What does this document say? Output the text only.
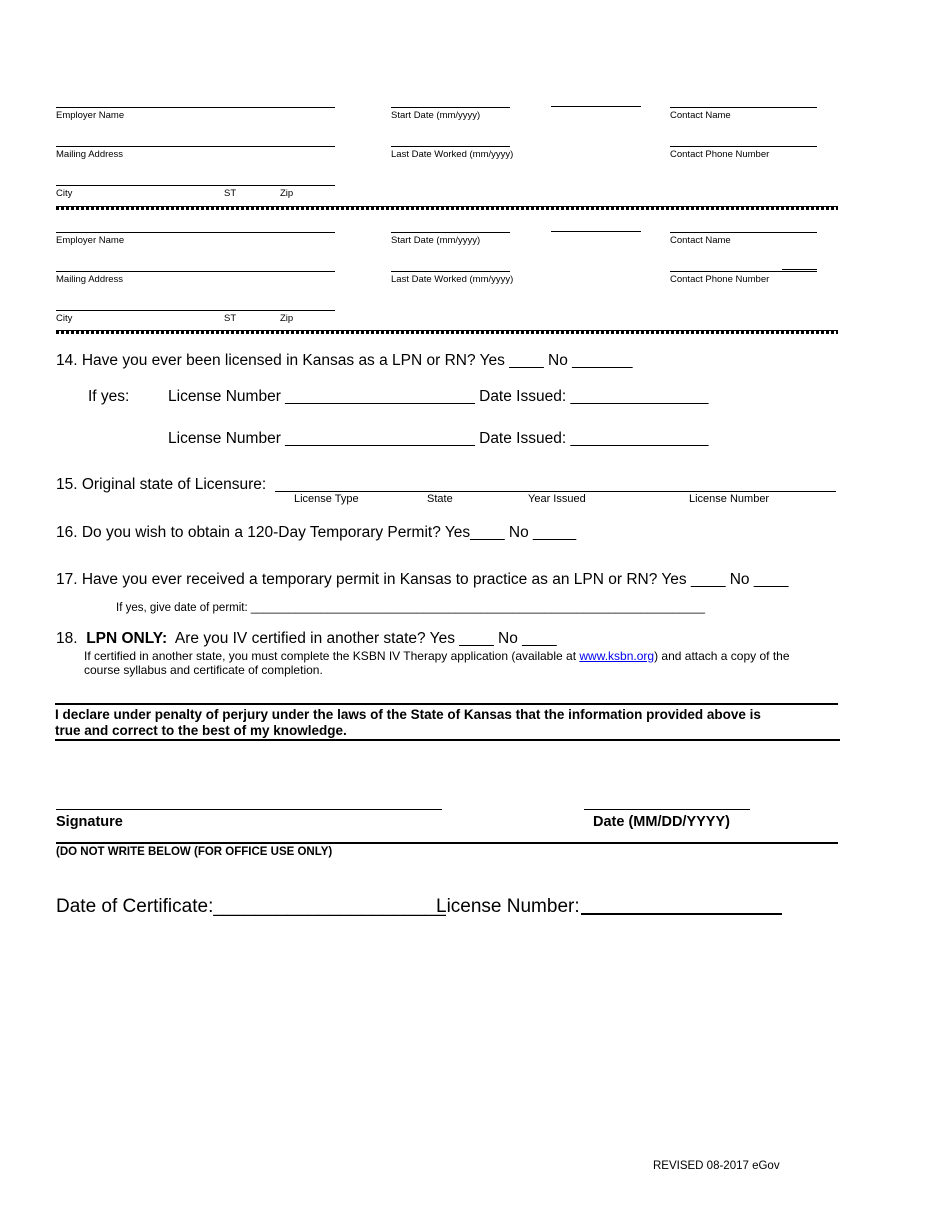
Employer Name	Start Date (mm/yyyy)	Contact Name
Mailing Address	Last Date Worked (mm/yyyy)	Contact Phone Number
City	ST	Zip
Employer Name	Start Date (mm/yyyy)	Contact Name
Mailing Address	Last Date Worked (mm/yyyy)	Contact Phone Number
City	ST	Zip
14. Have you ever been licensed in Kansas as a LPN or RN? Yes ____ No _______
If yes: License Number ______________________ Date Issued: ________________
License Number ______________________ Date Issued: ________________
15. Original state of Licensure:
License Type	State	Year Issued	License Number
16. Do you wish to obtain a 120-Day Temporary Permit? Yes____ No _____
17. Have you ever received a temporary permit in Kansas to practice as an LPN or RN? Yes ____ No ____
If yes, give date of permit: _______________________________________________________________________
18. LPN ONLY: Are you IV certified in another state? Yes ____ No ____
If certified in another state, you must complete the KSBN IV Therapy application (available at www.ksbn.org) and attach a copy of the
course syllabus and certificate of completion.
I declare under penalty of perjury under the laws of the State of Kansas that the information provided above is
true and correct to the best of my knowledge.
Signature	Date (MM/DD/YYYY)
(DO NOT WRITE BELOW (FOR OFFICE USE ONLY)
Date of Certificate:______________________
License Number:
REVISED 08-2017 eGov
